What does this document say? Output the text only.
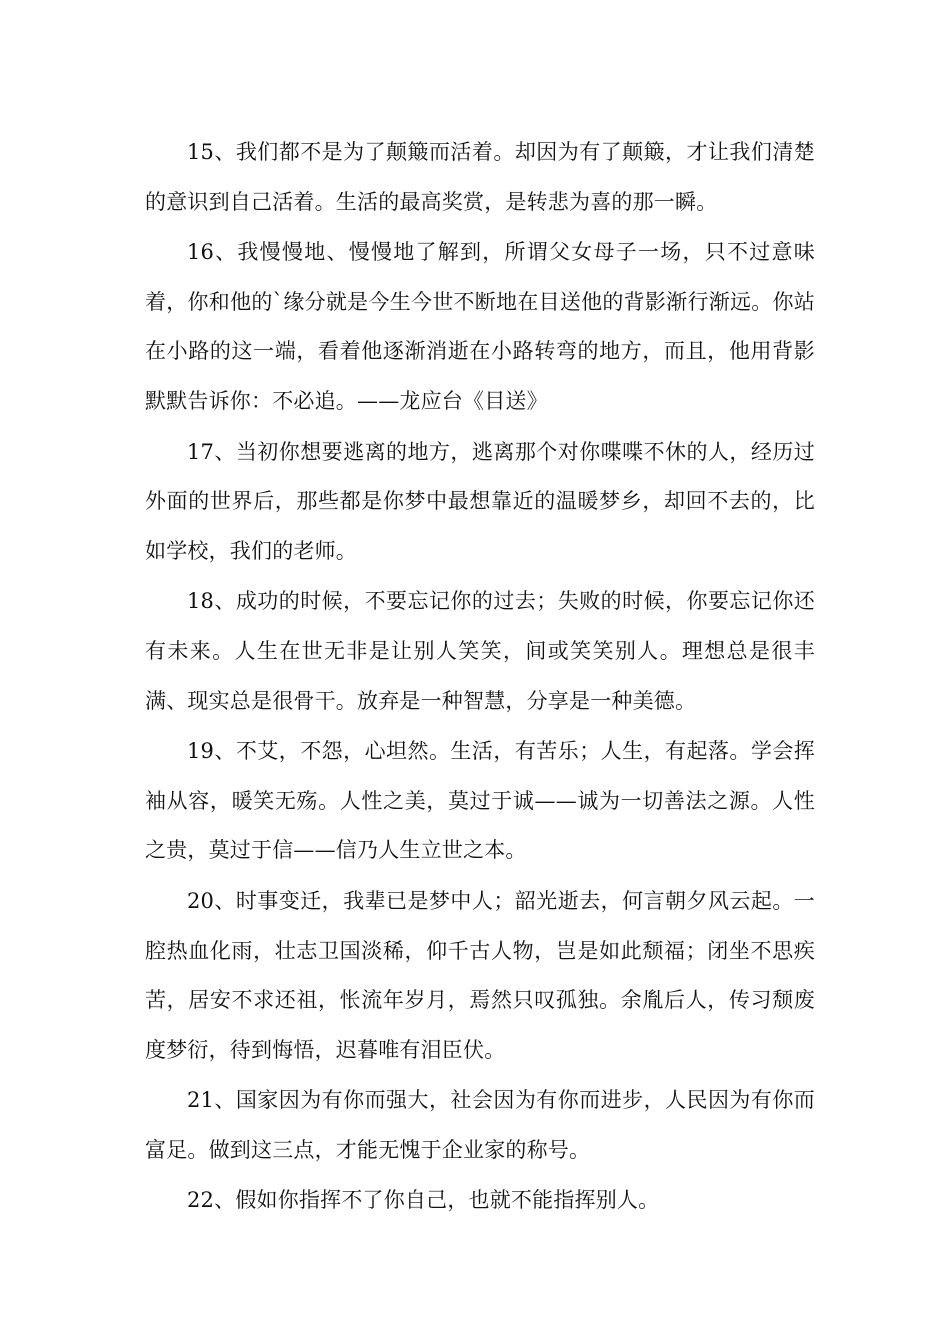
15、我们都不是为了颠簸而活着。却因为有了颠簸，才让我们清楚的意识到自己活着。生活的最高奖赏，是转悲为喜的那一瞬。

16、我慢慢地、慢慢地了解到，所谓父女母子一场，只不过意味着，你和他的`缘分就是今生今世不断地在目送他的背影渐行渐远。你站在小路的这一端，看着他逐渐消逝在小路转弯的地方，而且，他用背影默默告诉你：不必追。——龙应台《目送》

17、当初你想要逃离的地方，逃离那个对你喋喋不休的人，经历过外面的世界后，那些都是你梦中最想靠近的温暖梦乡，却回不去的，比如学校，我们的老师。

18、成功的时候，不要忘记你的过去；失败的时候，你要忘记你还有未来。人生在世无非是让别人笑笑，间或笑笑别人。理想总是很丰满、现实总是很骨干。放弃是一种智慧，分享是一种美德。

19、不艾，不怨，心坦然。生活，有苦乐；人生，有起落。学会挥袖从容，暖笑无殇。人性之美，莫过于诚——诚为一切善法之源。人性之贵，莫过于信——信乃人生立世之本。

20、时事变迁，我辈已是梦中人；韶光逝去，何言朝夕风云起。一腔热血化雨，壮志卫国淡稀，仰千古人物，岂是如此颓福；闭坐不思疾苦，居安不求还祖，怅流年岁月，焉然只叹孤独。余胤后人，传习颓废度梦衍，待到悔悟，迟暮唯有泪臣伏。

21、国家因为有你而强大，社会因为有你而进步，人民因为有你而富足。做到这三点，才能无愧于企业家的称号。

22、假如你指挥不了你自己，也就不能指挥别人。
